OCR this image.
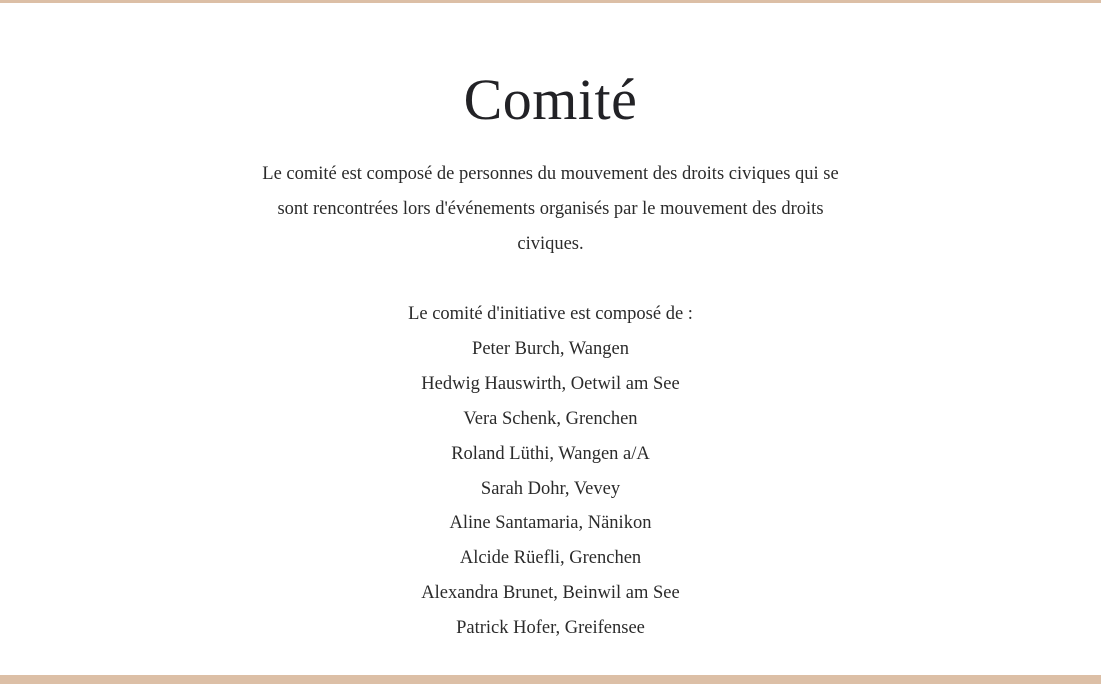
Comité

Le comité est composé de personnes du mouvement des droits civiques qui se sont rencontrées lors d'événements organisés par le mouvement des droits civiques.

Le comité d'initiative est composé de :
Peter Burch, Wangen
Hedwig Hauswirth, Oetwil am See
Vera Schenk, Grenchen
Roland Lüthi, Wangen a/A
Sarah Dohr, Vevey
Aline Santamaria, Nänikon
Alcide Rüefli, Grenchen
Alexandra Brunet, Beinwil am See
Patrick Hofer, Greifensee
